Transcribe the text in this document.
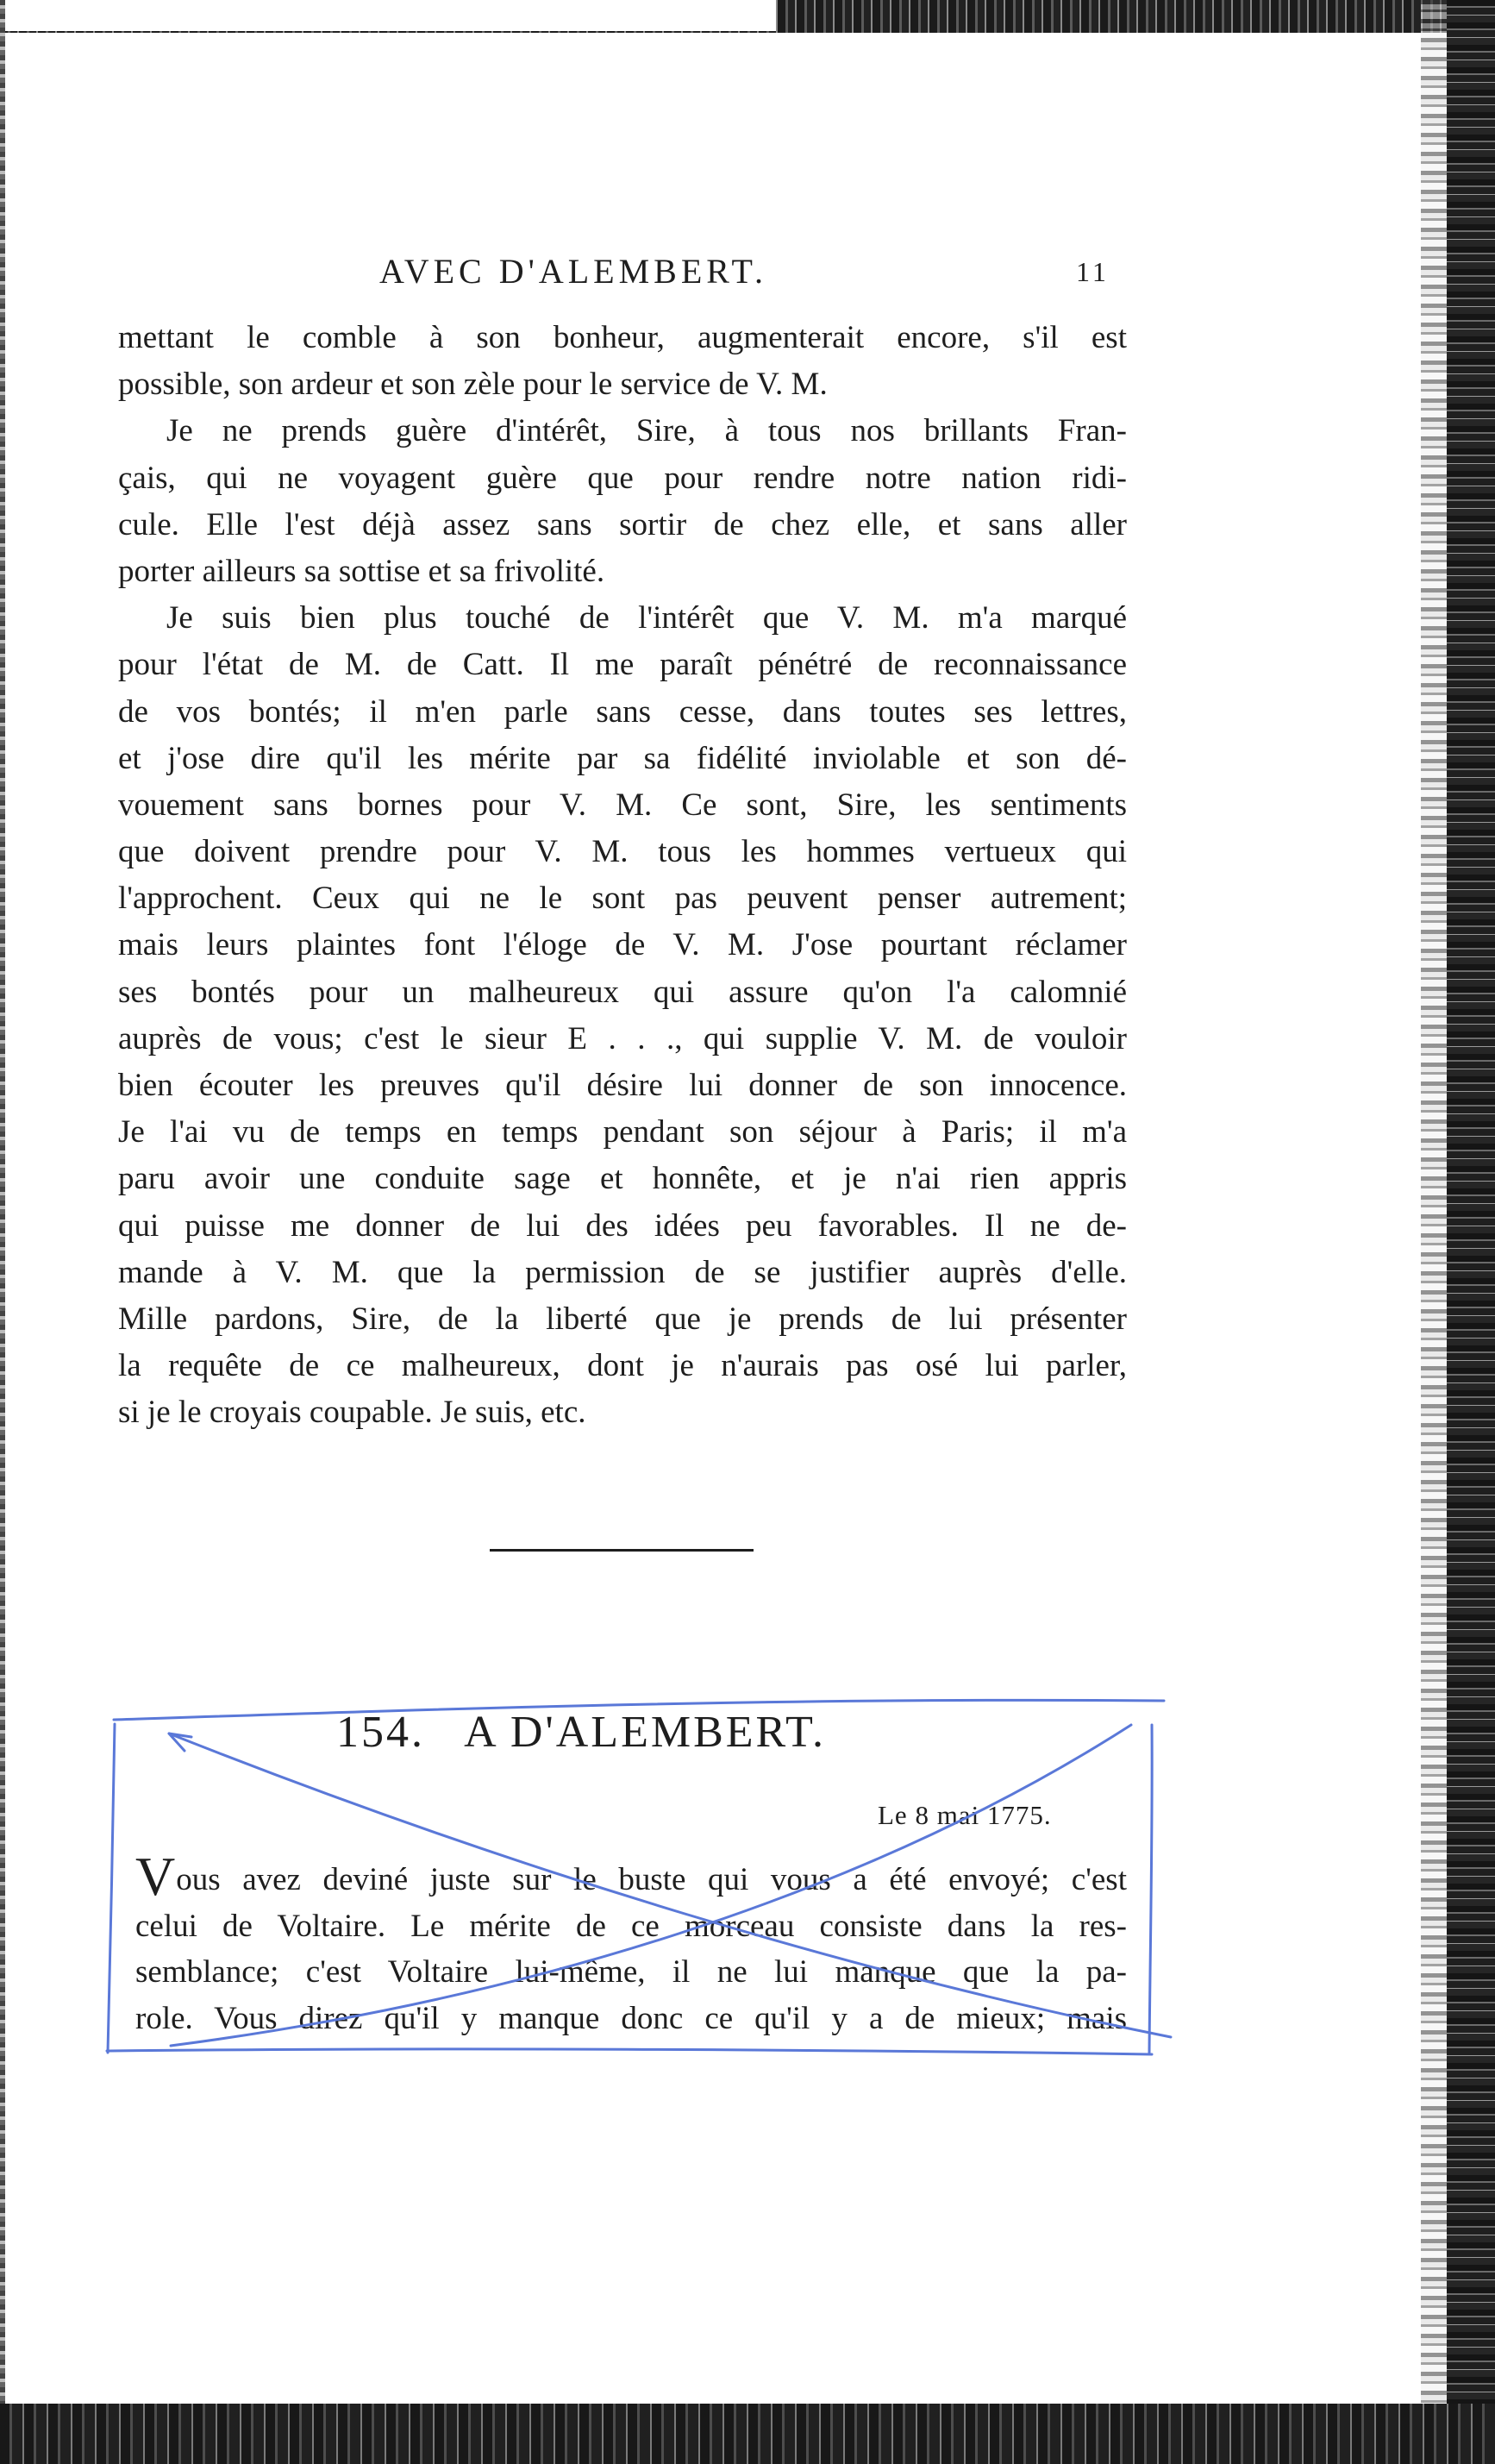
AVEC D'ALEMBERT.	11
mettant le comble à son bonheur, augmenterait encore, s'il est
possible, son ardeur et son zèle pour le service de V. M.
Je ne prends guère d'intérêt, Sire, à tous nos brillants Fran-
çais, qui ne voyagent guère que pour rendre notre nation ridi-
cule. Elle l'est déjà assez sans sortir de chez elle, et sans aller
porter ailleurs sa sottise et sa frivolité.
Je suis bien plus touché de l'intérêt que V. M. m'a marqué
pour l'état de M. de Catt. Il me paraît pénétré de reconnaissance
de vos bontés; il m'en parle sans cesse, dans toutes ses lettres,
et j'ose dire qu'il les mérite par sa fidélité inviolable et son dé-
vouement sans bornes pour V. M. Ce sont, Sire, les sentiments
que doivent prendre pour V. M. tous les hommes vertueux qui
l'approchent. Ceux qui ne le sont pas peuvent penser autrement;
mais leurs plaintes font l'éloge de V. M. J'ose pourtant réclamer
ses bontés pour un malheureux qui assure qu'on l'a calomnié
auprès de vous; c'est le sieur E . . ., qui supplie V. M. de vouloir
bien écouter les preuves qu'il désire lui donner de son innocence.
Je l'ai vu de temps en temps pendant son séjour à Paris; il m'a
paru avoir une conduite sage et honnête, et je n'ai rien appris
qui puisse me donner de lui des idées peu favorables. Il ne de-
mande à V. M. que la permission de se justifier auprès d'elle.
Mille pardons, Sire, de la liberté que je prends de lui présenter
la requête de ce malheureux, dont je n'aurais pas osé lui parler,
si je le croyais coupable. Je suis, etc.
154. A D'ALEMBERT.
Le 8 mai 1775.
Vous avez deviné juste sur le buste qui vous a été envoyé; c'est
celui de Voltaire. Le mérite de ce morceau consiste dans la res-
semblance; c'est Voltaire lui-même, il ne lui manque que la pa-
role. Vous direz qu'il y manque donc ce qu'il y a de mieux; mais
